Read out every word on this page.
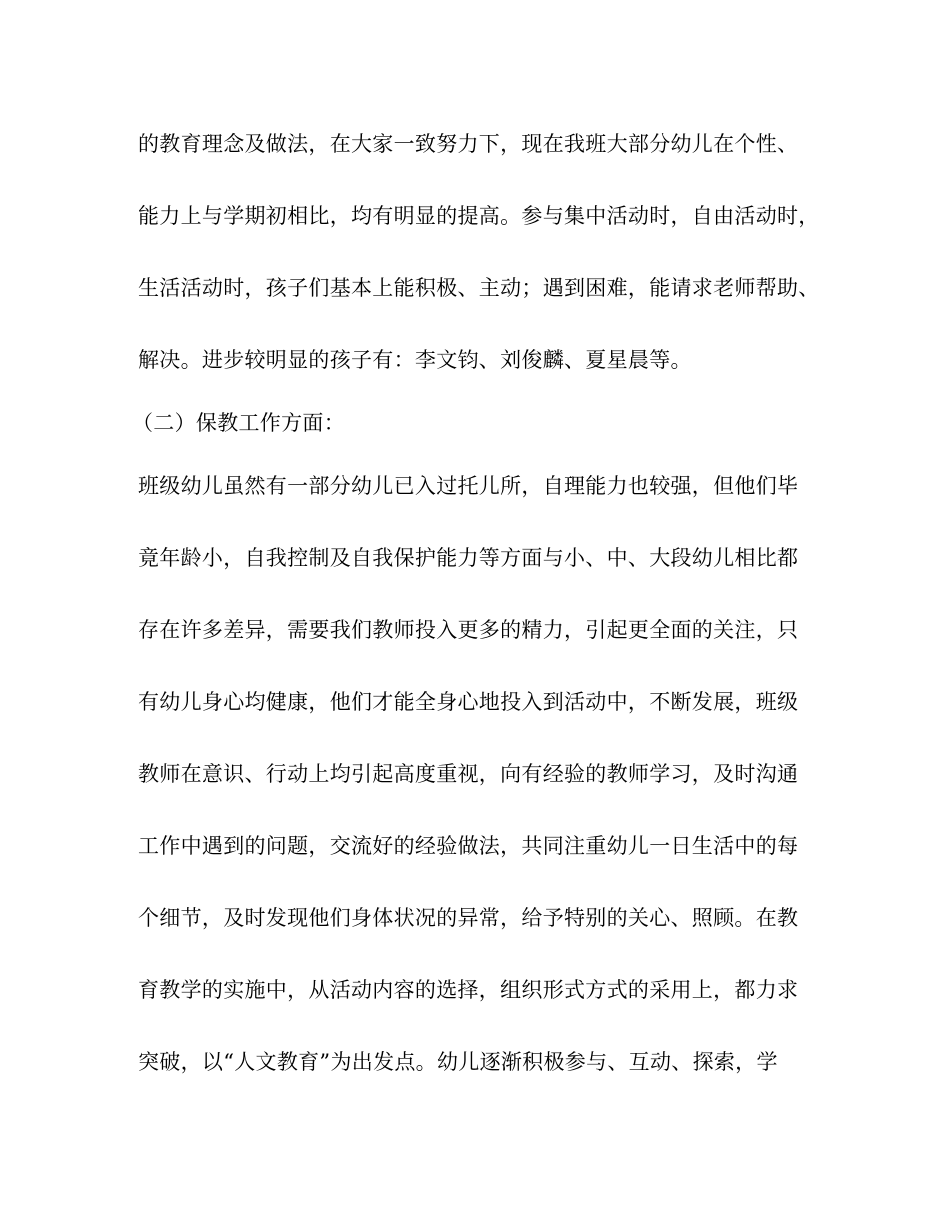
的教育理念及做法，在大家一致努力下，现在我班大部分幼儿在个性、
能力上与学期初相比，均有明显的提高。参与集中活动时，自由活动时，
生活活动时，孩子们基本上能积极、主动；遇到困难，能请求老师帮助、
解决。进步较明显的孩子有：李文钧、刘俊麟、夏星晨等。
（二）保教工作方面：
班级幼儿虽然有一部分幼儿已入过托儿所，自理能力也较强，但他们毕
竟年龄小，自我控制及自我保护能力等方面与小、中、大段幼儿相比都
存在许多差异，需要我们教师投入更多的精力，引起更全面的关注，只
有幼儿身心均健康，他们才能全身心地投入到活动中，不断发展，班级
教师在意识、行动上均引起高度重视，向有经验的教师学习，及时沟通
工作中遇到的问题，交流好的经验做法，共同注重幼儿一日生活中的每
个细节，及时发现他们身体状况的异常，给予特别的关心、照顾。在教
育教学的实施中，从活动内容的选择，组织形式方式的采用上，都力求
突破，以“人文教育”为出发点。幼儿逐渐积极参与、互动、探索，学
